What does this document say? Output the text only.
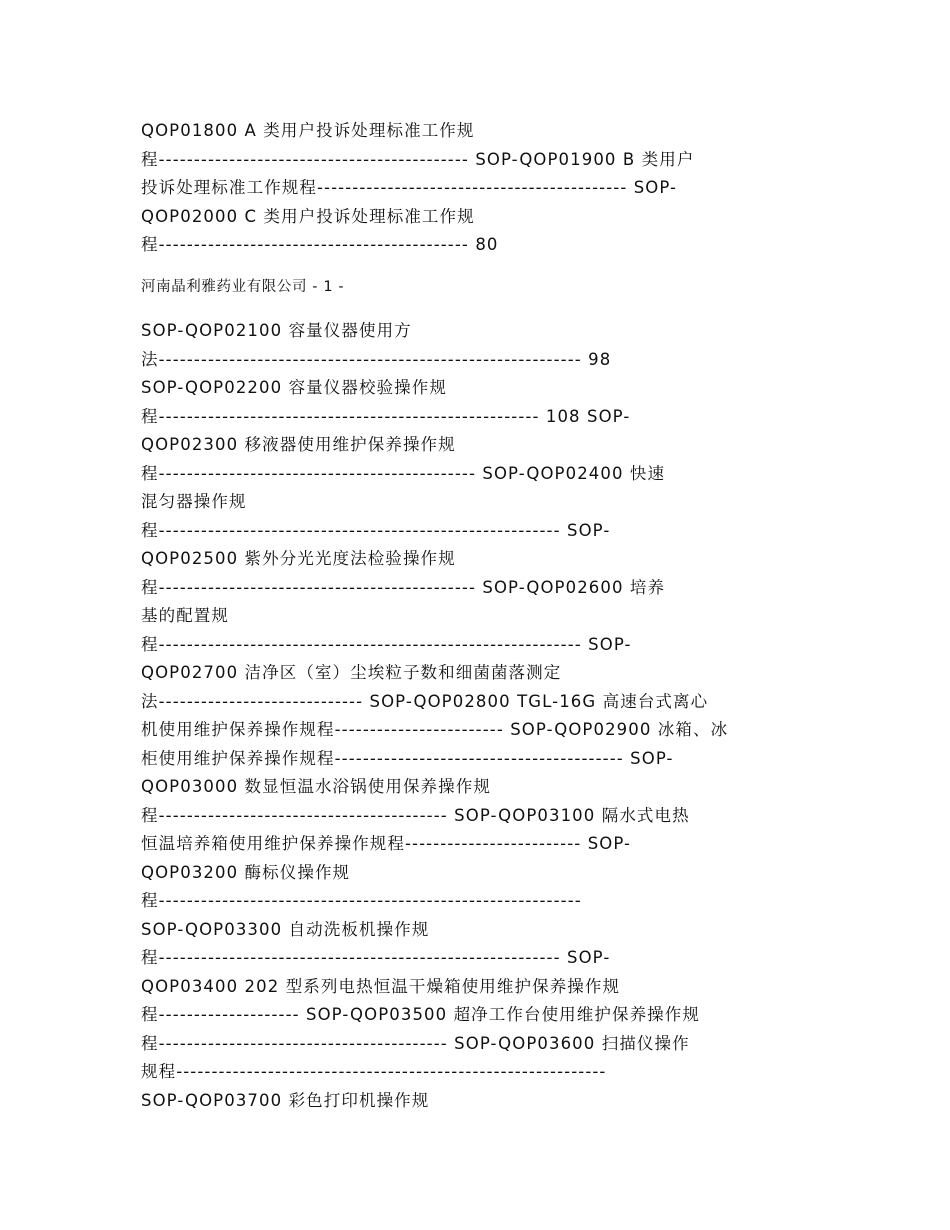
QOP01800 A 类用户投诉处理标准工作规
程-------------------------------------------- SOP-QOP01900 B 类用户
投诉处理标准工作规程-------------------------------------------- SOP-
QOP02000 C 类用户投诉处理标准工作规
程-------------------------------------------- 80
河南晶利雅药业有限公司 - 1 -
SOP-QOP02100 容量仪器使用方
法------------------------------------------------------------ 98
SOP-QOP02200 容量仪器校验操作规
程------------------------------------------------------ 108 SOP-
QOP02300 移液器使用维护保养操作规
程--------------------------------------------- SOP-QOP02400 快速
混匀器操作规
程--------------------------------------------------------- SOP-
QOP02500 紫外分光光度法检验操作规
程--------------------------------------------- SOP-QOP02600 培养
基的配置规
程------------------------------------------------------------ SOP-
QOP02700 洁净区（室）尘埃粒子数和细菌菌落测定
法----------------------------- SOP-QOP02800 TGL-16G 高速台式离心
机使用维护保养操作规程------------------------ SOP-QOP02900 冰箱、冰
柜使用维护保养操作规程----------------------------------------- SOP-
QOP03000 数显恒温水浴锅使用保养操作规
程----------------------------------------- SOP-QOP03100 隔水式电热
恒温培养箱使用维护保养操作规程------------------------- SOP-
QOP03200 酶标仪操作规
程------------------------------------------------------------
SOP-QOP03300 自动洗板机操作规
程--------------------------------------------------------- SOP-
QOP03400 202 型系列电热恒温干燥箱使用维护保养操作规
程-------------------- SOP-QOP03500 超净工作台使用维护保养操作规
程----------------------------------------- SOP-QOP03600 扫描仪操作
规程-------------------------------------------------------------
SOP-QOP03700 彩色打印机操作规
